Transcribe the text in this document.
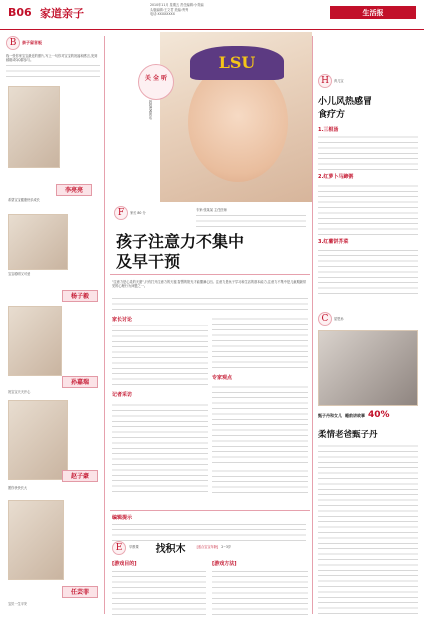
B06 家道亲子
2010年11月 星期五 责任编辑:小青编
头版编辑:王文君 美编:秀秀
电话:XXXXXXXX	生活报
B	亲子留言板
线一张你家宝宝最近的照片,写上一句你对宝宝的祝福和感言,发到邮箱或QQ群参与。
李亮亮
希望宝宝健康快乐成长
杨子毅
宝宝聪明又可爱
孙嘉瑞
祝宝宝天天开心
赵子豪
愿你快快长大
任芸菲
宝贝一生平安
LSU
关 全 听
妈妈爸爸的话
F	家长 80 分
专家:张某某 主任医师
孩子注意力不集中
及早干预
"注意力是心灵的天窗",只有打开注意力的天窗,智慧的阳光才能撒满心田。注意力是孩子学习和生活的基本能力,注意力不集中是儿童期最常见的心理行为问题之一。
家长讨论
记者采访
专家观点
编辑提示
E	早教课 找积木	[适合宝宝年龄] 2~3岁
[游戏目的]	[游戏方法]
H	育儿宝
小儿风热感冒
食疗方
1.三根汤
2.红萝卜马蹄粥
3.红薯饼芥菜
C	星恩孙
甄子丹和女儿 睡前讲故事 40%
柔情老爸甄子丹
